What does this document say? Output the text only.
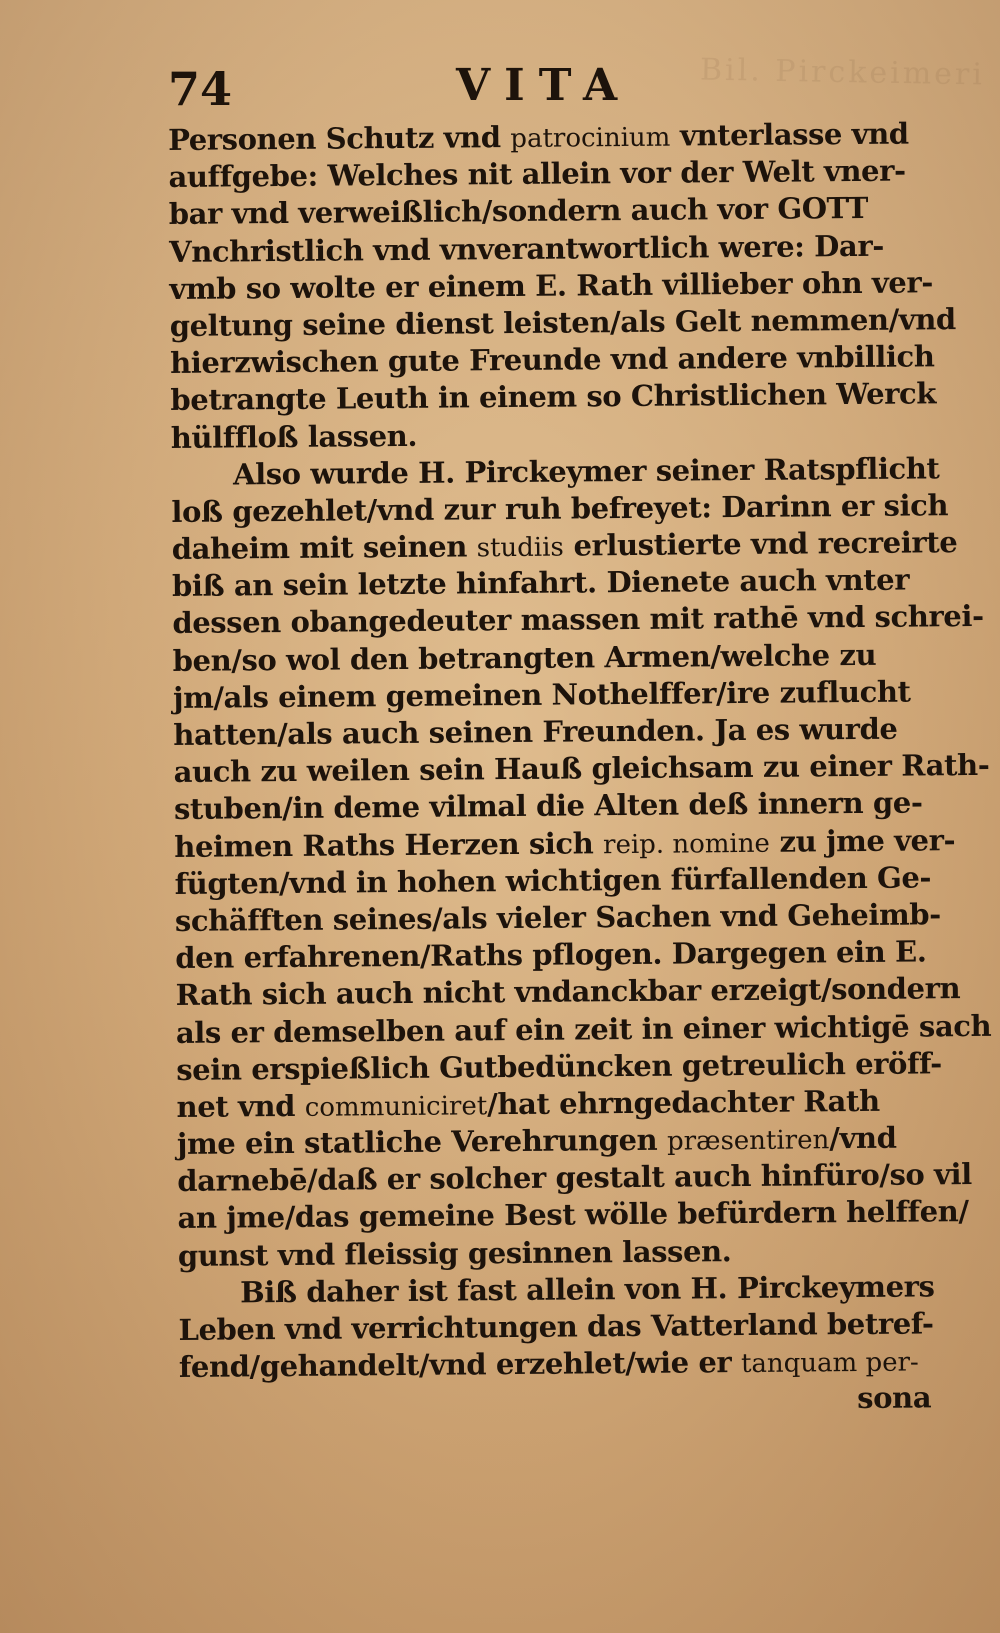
Bil. Pirckeimeri
74	VITA
Personen Schutz vnd patrocinium vnterlasse vnd
auffgebe: Welches nit allein vor der Welt vner-
bar vnd verweißlich/sondern auch vor GOTT
Vnchristlich vnd vnverantwortlich were: Dar-
vmb so wolte er einem E. Rath villieber ohn ver-
geltung seine dienst leisten/als Gelt nemmen/vnd
hierzwischen gute Freunde vnd andere vnbillich
betrangte Leuth in einem so Christlichen Werck
hülffloß lassen.
Also wurde H. Pirckeymer seiner Ratspflicht
loß gezehlet/vnd zur ruh befreyet: Darinn er sich
daheim mit seinen studiis erlustierte vnd recreirte
biß an sein letzte hinfahrt. Dienete auch vnter
dessen obangedeuter massen mit rathē vnd schrei-
ben/so wol den betrangten Armen/welche zu
jm/als einem gemeinen Nothelffer/ire zuflucht
hatten/als auch seinen Freunden. Ja es wurde
auch zu weilen sein Hauß gleichsam zu einer Rath-
stuben/in deme vilmal die Alten deß innern ge-
heimen Raths Herzen sich reip. nomine zu jme ver-
fügten/vnd in hohen wichtigen fürfallenden Ge-
schäfften seines/als vieler Sachen vnd Geheimb-
den erfahrenen/Raths pflogen. Dargegen ein E.
Rath sich auch nicht vndanckbar erzeigt/sondern
als er demselben auf ein zeit in einer wichtigē sach
sein erspießlich Gutbedüncken getreulich eröff-
net vnd communiciret/hat ehrngedachter Rath
jme ein statliche Verehrungen præsentiren/vnd
darnebē/daß er solcher gestalt auch hinfüro/so vil
an jme/das gemeine Best wölle befürdern helffen/
gunst vnd fleissig gesinnen lassen.
Biß daher ist fast allein von H. Pirckeymers
Leben vnd verrichtungen das Vatterland betref-
fend/gehandelt/vnd erzehlet/wie er tanquam per-
sona
